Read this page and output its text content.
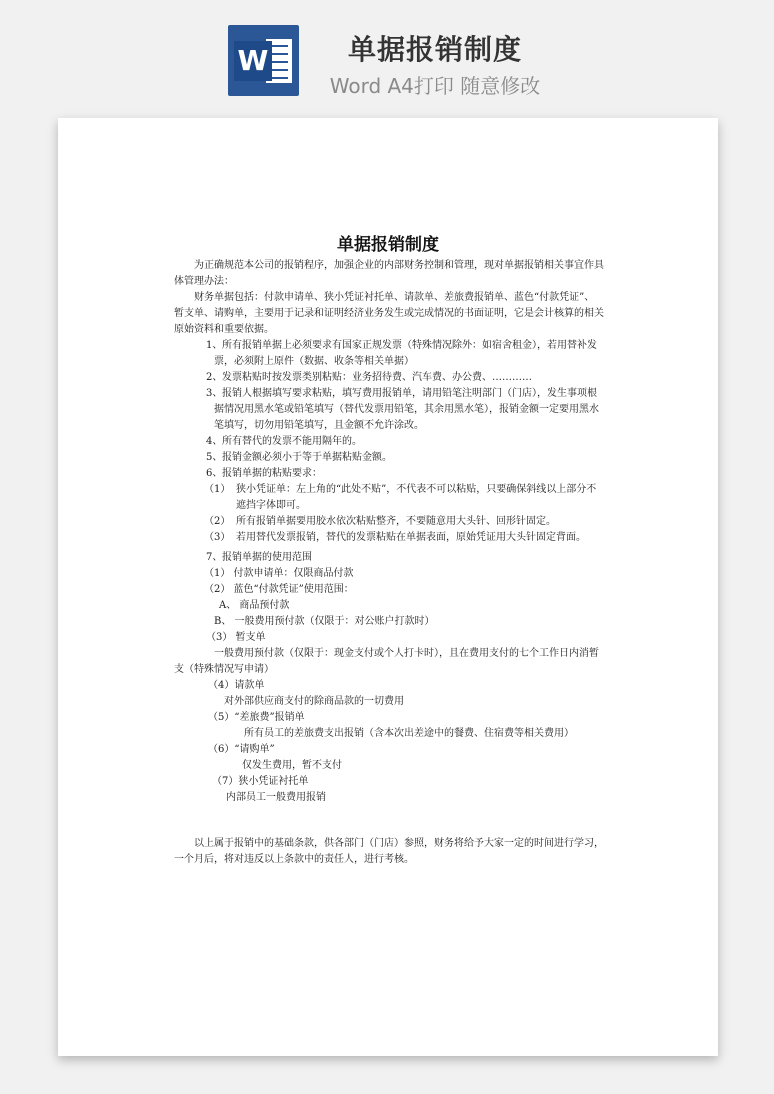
W	单据报销制度
Word A4打印 随意修改
单据报销制度

为正确规范本公司的报销程序，加强企业的内部财务控制和管理，现对单据报销相关事宜作具体管理办法：

财务单据包括：付款申请单、狭小凭证衬托单、请款单、差旅费报销单、蓝色“付款凭证”、暂支单、请购单，主要用于记录和证明经济业务发生或完成情况的书面证明，它是会计核算的相关原始资料和重要依据。

1、所有报销单据上必须要求有国家正规发票（特殊情况除外：如宿舍租金），若用替补发票，必须附上原件（数据、收条等相关单据）
2、发票粘贴时按发票类别粘贴：业务招待费、汽车费、办公费、…………
3、报销人根据填写要求粘贴，填写费用报销单，请用铅笔注明部门（门店），发生事项根据情况用黑水笔或铅笔填写（替代发票用铅笔，其余用黑水笔），报销金额一定要用黑水笔填写，切勿用铅笔填写，且金额不允许涂改。
4、所有替代的发票不能用隔年的。
5、报销金额必须小于等于单据粘贴金额。
6、报销单据的粘贴要求：
（1） 狭小凭证单：左上角的“此处不贴”，不代表不可以粘贴，只要确保斜线以上部分不遮挡字体即可。
（2） 所有报销单据要用胶水依次粘贴整齐，不要随意用大头针、回形针固定。
（3） 若用替代发票报销，替代的发票粘贴在单据表面，原始凭证用大头针固定背面。
7、报销单据的使用范围
（1） 付款申请单：仅限商品付款
（2） 蓝色“付款凭证”使用范围：
A、 商品预付款
B、 一般费用预付款（仅限于：对公账户打款时）
（3） 暂支单
一般费用预付款（仅限于：现金支付或个人打卡时），且在费用支付的七个工作日内消暂支（特殊情况写申请）
（4）请款单
对外部供应商支付的除商品款的一切费用
（5）“差旅费”报销单
所有员工的差旅费支出报销（含本次出差途中的餐费、住宿费等相关费用）
（6）“请购单”
仅发生费用，暂不支付
（7）狭小凭证衬托单
内部员工一般费用报销

以上属于报销中的基础条款，供各部门（门店）参照，财务将给予大家一定的时间进行学习，一个月后，将对违反以上条款中的责任人，进行考核。
